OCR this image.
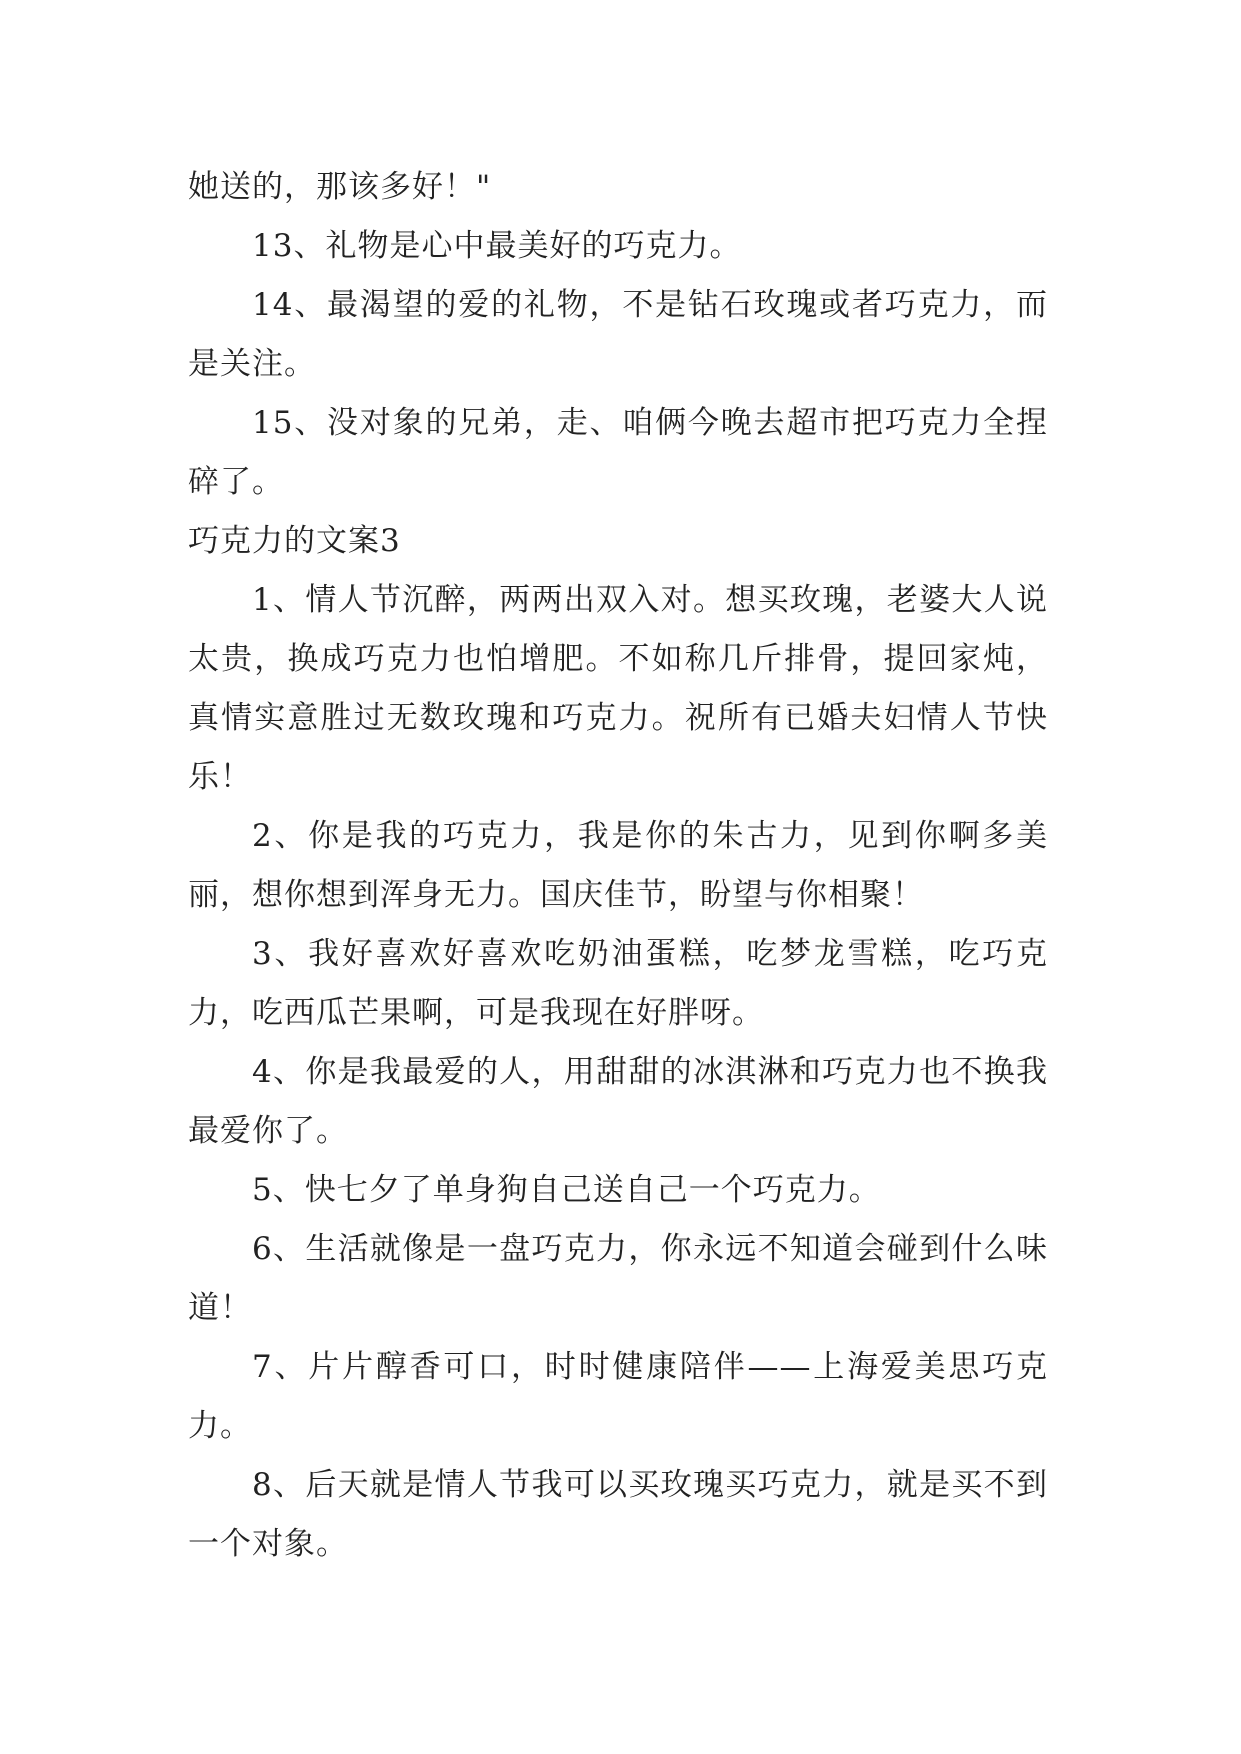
她送的，那该多好！"

13、礼物是心中最美好的巧克力。

14、最渴望的爱的礼物，不是钻石玫瑰或者巧克力，而是关注。

15、没对象的兄弟，走、咱俩今晚去超市把巧克力全捏碎了。

巧克力的文案3

1、情人节沉醉，两两出双入对。想买玫瑰，老婆大人说太贵，换成巧克力也怕增肥。不如称几斤排骨，提回家炖，真情实意胜过无数玫瑰和巧克力。祝所有已婚夫妇情人节快乐！

2、你是我的巧克力，我是你的朱古力，见到你啊多美丽，想你想到浑身无力。国庆佳节，盼望与你相聚！

3、我好喜欢好喜欢吃奶油蛋糕，吃梦龙雪糕，吃巧克力，吃西瓜芒果啊，可是我现在好胖呀。

4、你是我最爱的人，用甜甜的冰淇淋和巧克力也不换我最爱你了。

5、快七夕了单身狗自己送自己一个巧克力。

6、生活就像是一盘巧克力，你永远不知道会碰到什么味道！

7、片片醇香可口，时时健康陪伴——上海爱美思巧克力。

8、后天就是情人节我可以买玫瑰买巧克力，就是买不到一个对象。
